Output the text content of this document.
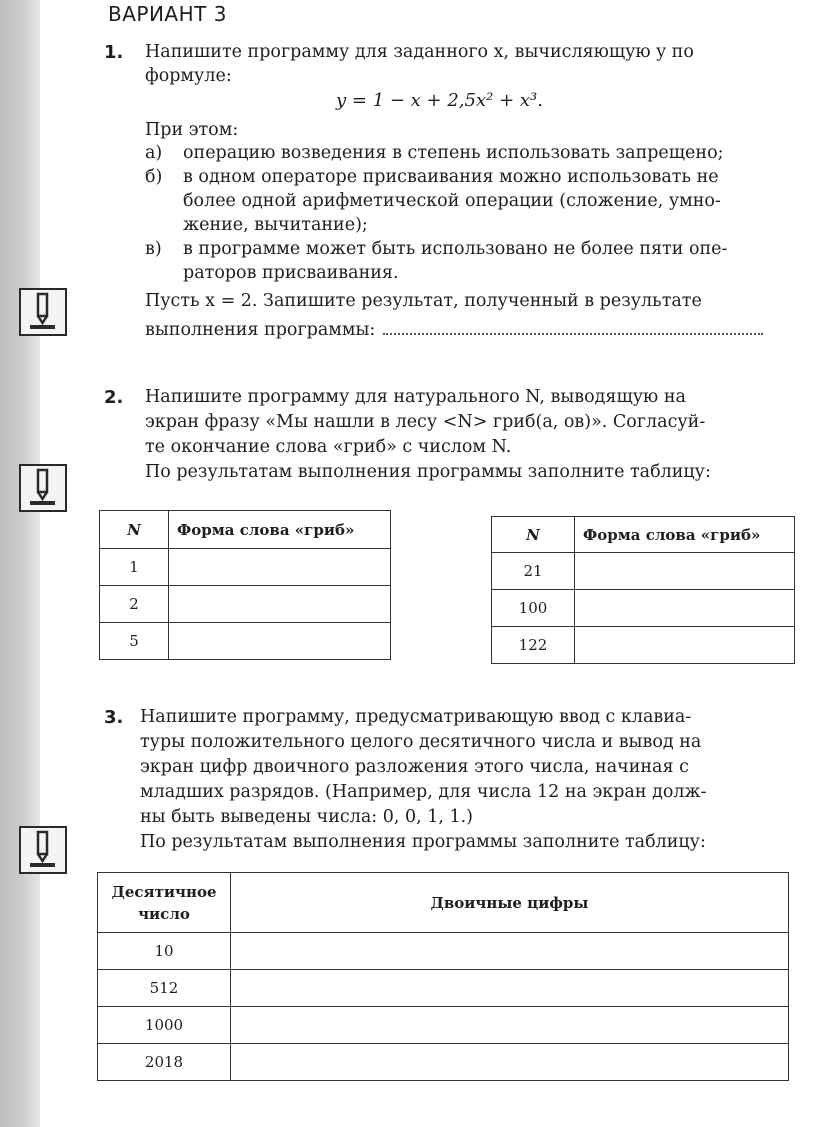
ВАРИАНТ 3
1. Напишите программу для заданного x, вычисляющую y по
формуле:
y = 1 − x + 2,5x² + x³.
При этом:
а) операцию возведения в степень использовать запрещено;
б) в одном операторе присваивания можно использовать не
более одной арифметической операции (сложение, умно-
жение, вычитание);
в) в программе может быть использовано не более пяти опе-
раторов присваивания.
Пусть x = 2. Запишите результат, полученный в результате
выполнения программы:
2. Напишите программу для натурального N, выводящую на
экран фразу «Мы нашли в лесу <N> гриб(а, ов)». Согласуй-
те окончание слова «гриб» с числом N.
По результатам выполнения программы заполните таблицу:
N	Форма слова «гриб»
1	
2	
5	
N	Форма слова «гриб»
21	
100	
122	
3. Напишите программу, предусматривающую ввод с клавиа-
туры положительного целого десятичного числа и вывод на
экран цифр двоичного разложения этого числа, начиная с
младших разрядов. (Например, для числа 12 на экран долж-
ны быть выведены числа: 0, 0, 1, 1.)
По результатам выполнения программы заполните таблицу:
Десятичное
число	Двоичные цифры
10	
512	
1000	
2018	
